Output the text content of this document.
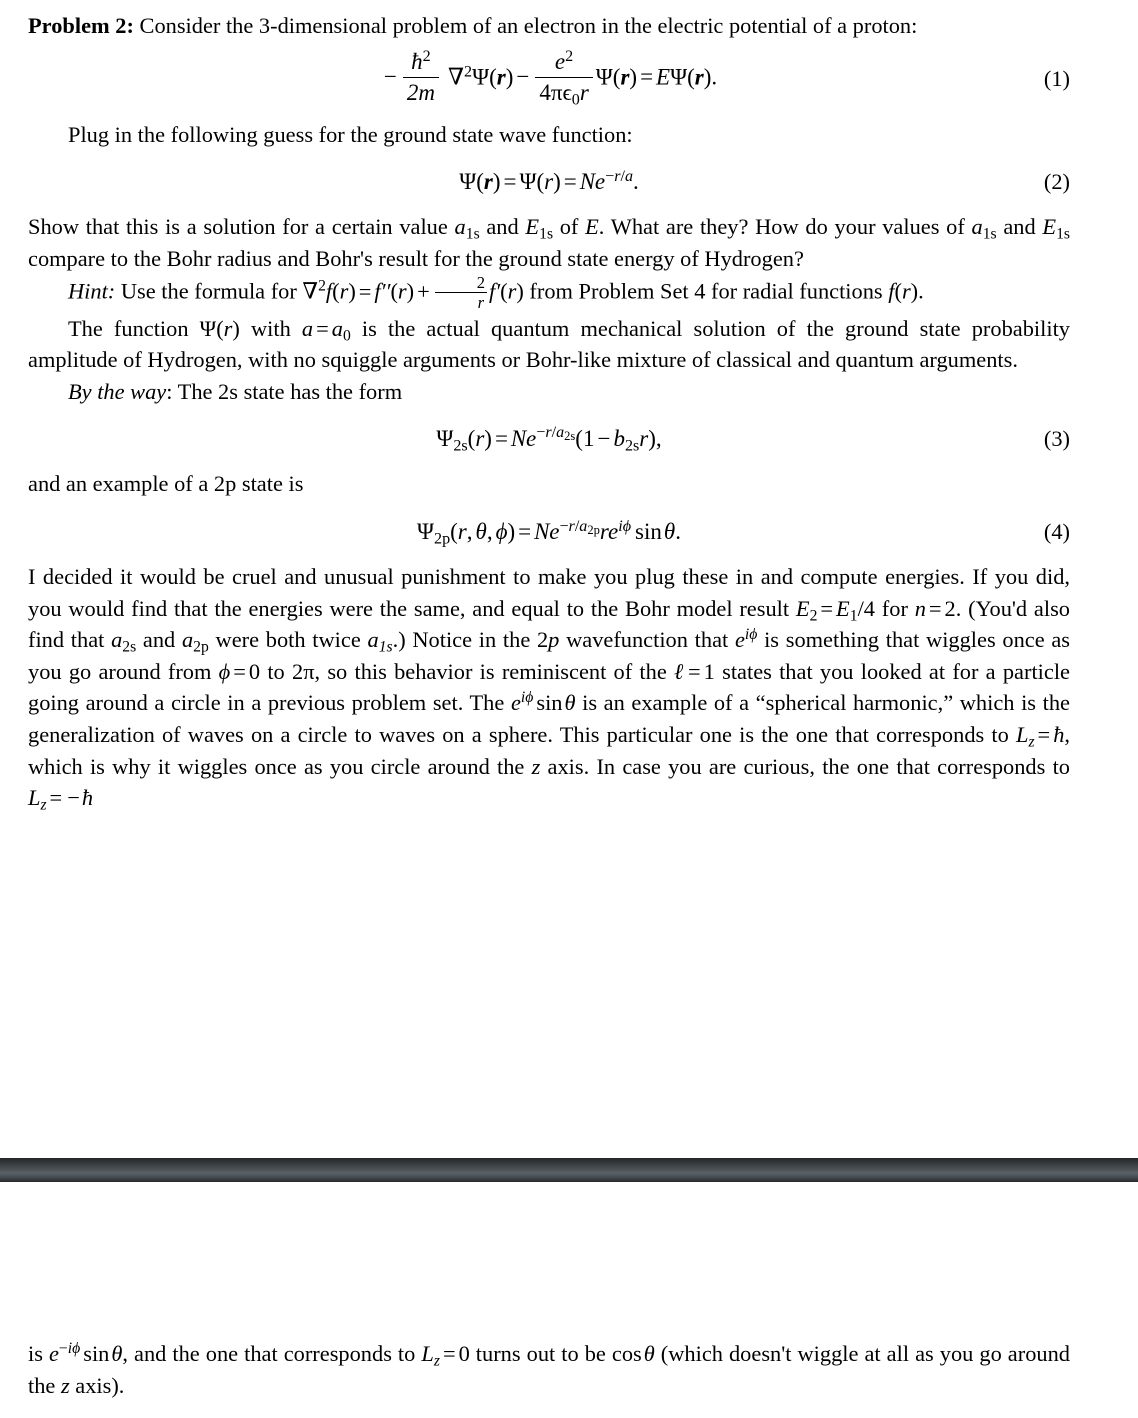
Problem 2: Consider the 3-dimensional problem of an electron in the electric potential of a proton:

− $\frac{ħ^2}{2m} \nabla^2\Psi(r) - \frac{e^2}{4\pi\epsilon_0r} \Psi(r) = E\Psi(r)$.	(1)

Plug in the following guess for the ground state wave function:

$\Psi(r) = \Psi(r) = Ne^{-r/a}$.	(2)

Show that this is a solution for a certain value $a_{1s}$ and $E_{1s}$ of E. What are they? How do your values of $a_{1s}$ and $E_{1s}$ compare to the Bohr radius and Bohr's result for the ground state energy of Hydrogen?

Hint: Use the formula for $\nabla^2f(r) = f''(r) + \frac{2}{r} f'(r)$ from Problem Set 4 for radial functions f(r).

The function Ψ(r) with $a = a_0$ is the actual quantum mechanical solution of the ground state probability amplitude of Hydrogen, with no squiggle arguments or Bohr-like mixture of classical and quantum arguments.

By the way: The 2s state has the form

$\Psi_{2s}(r) = Ne^{-r/a_{2s}}(1 - b_{2s}r)$,	(3)

and an example of a 2p state is

$\Psi_{2p}(r$, θ, $\phi) = Ne^{-r/a_{2p}}re^{i\phi}$ sinθ.	(4)

I decided it would be cruel and unusual punishment to make you plug these in and compute energies. If you did, you would find that the energies were the same, and equal to the Bohr model result $E_2 = E_1/4$ for n = 2. (You'd also find that $a_{2s}$ and $a_{2p}$ were both twice $a_{1s}$.) Notice in the 2p wavefunction that $e^{i\phi}$ is something that wiggles once as you go around from ϕ = 0 to 2π, so this behavior is reminiscent of the ℓ = 1 states that you looked at for a particle going around a circle in a previous problem set. The $e^{i\phi}$ sinθ is an example of a “spherical harmonic,” which is the generalization of waves on a circle to waves on a sphere. This particular one is the one that corresponds to $L_z$ = ħ, which is why it wiggles once as you circle around the z axis. In case you are curious, the one that corresponds to $L_z$ = −ħ

is $e^{-i\phi}$ sinθ, and the one that corresponds to $L_z = 0$ turns out to be cosθ (which doesn't wiggle at all as you go around the z axis).
